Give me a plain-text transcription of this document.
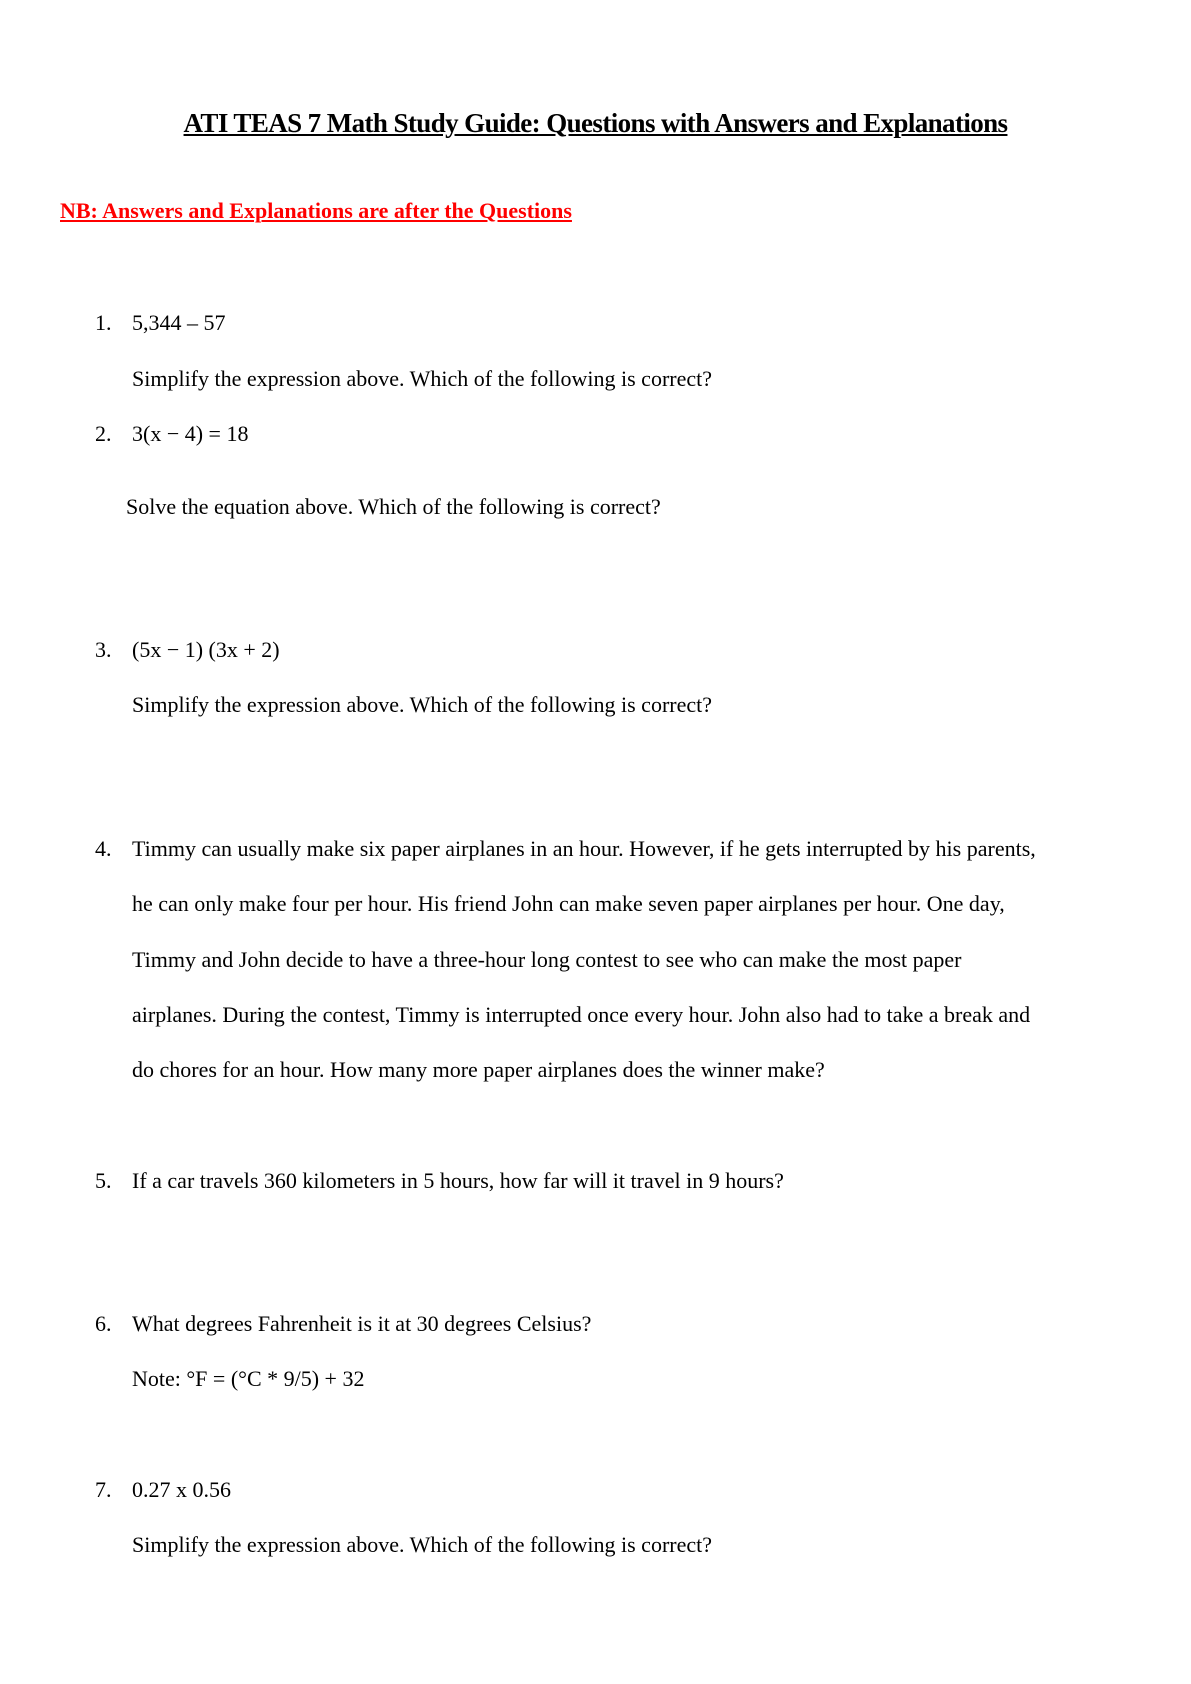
ATI TEAS 7 Math Study Guide: Questions with Answers and Explanations
NB: Answers and Explanations are after the Questions
1. 5,344 – 57
Simplify the expression above. Which of the following is correct?
2. 3(x − 4) = 18
Solve the equation above. Which of the following is correct?
3. (5x − 1) (3x + 2)
Simplify the expression above. Which of the following is correct?
4. Timmy can usually make six paper airplanes in an hour. However, if he gets interrupted by his parents,
he can only make four per hour. His friend John can make seven paper airplanes per hour. One day,
Timmy and John decide to have a three-hour long contest to see who can make the most paper
airplanes. During the contest, Timmy is interrupted once every hour. John also had to take a break and
do chores for an hour. How many more paper airplanes does the winner make?
5. If a car travels 360 kilometers in 5 hours, how far will it travel in 9 hours?
6. What degrees Fahrenheit is it at 30 degrees Celsius?
Note: °F = (°C * 9/5) + 32
7. 0.27 x 0.56
Simplify the expression above. Which of the following is correct?
